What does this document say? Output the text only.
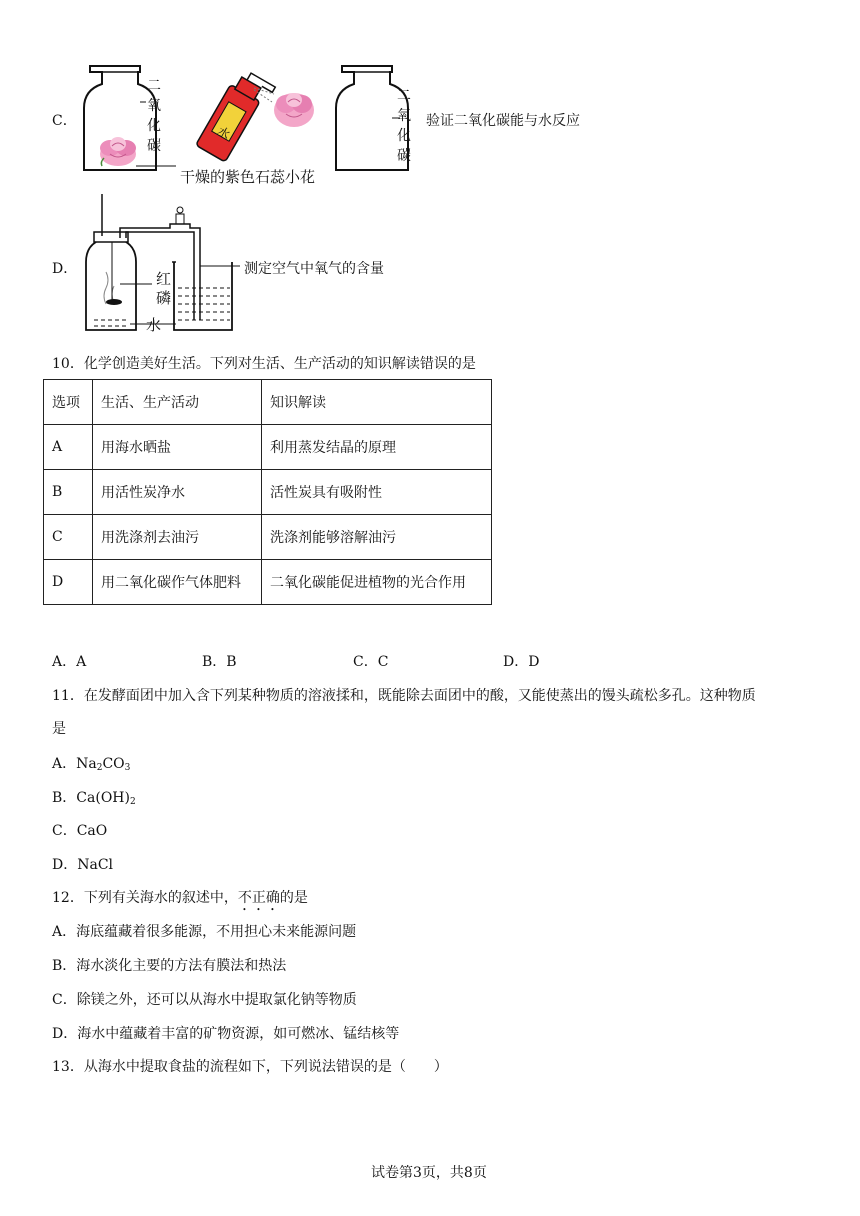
C．
二
氧
化
碳
水
干燥的紫色石蕊小花
二
氧
化
碳
验证二氧化碳能与水反应
D．
红
磷
水
测定空气中氧气的含量
10．化学创造美好生活。下列对生活、生产活动的知识解读错误的是
选项	生活、生产活动	知识解读
A	用海水晒盐	利用蒸发结晶的原理
B	用活性炭净水	活性炭具有吸附性
C	用洗涤剂去油污	洗涤剂能够溶解油污
D	用二氧化碳作气体肥料	二氧化碳能促进植物的光合作用
A．A	B．B	C．C	D．D
11．在发酵面团中加入含下列某种物质的溶液揉和，既能除去面团中的酸，又能使蒸出的馒头疏松多孔。这种物质
是
A．$Na_2CO_3$
B．$Ca(OH)_2$
C．CaO
D．NaCl
12．下列有关海水的叙述中，不正确的是
A．海底蕴藏着很多能源，不用担心未来能源问题
B．海水淡化主要的方法有膜法和热法
C．除镁之外，还可以从海水中提取氯化钠等物质
D．海水中蕴藏着丰富的矿物资源，如可燃冰、锰结核等
13．从海水中提取食盐的流程如下，下列说法错误的是（　　）
试卷第3页，共8页
